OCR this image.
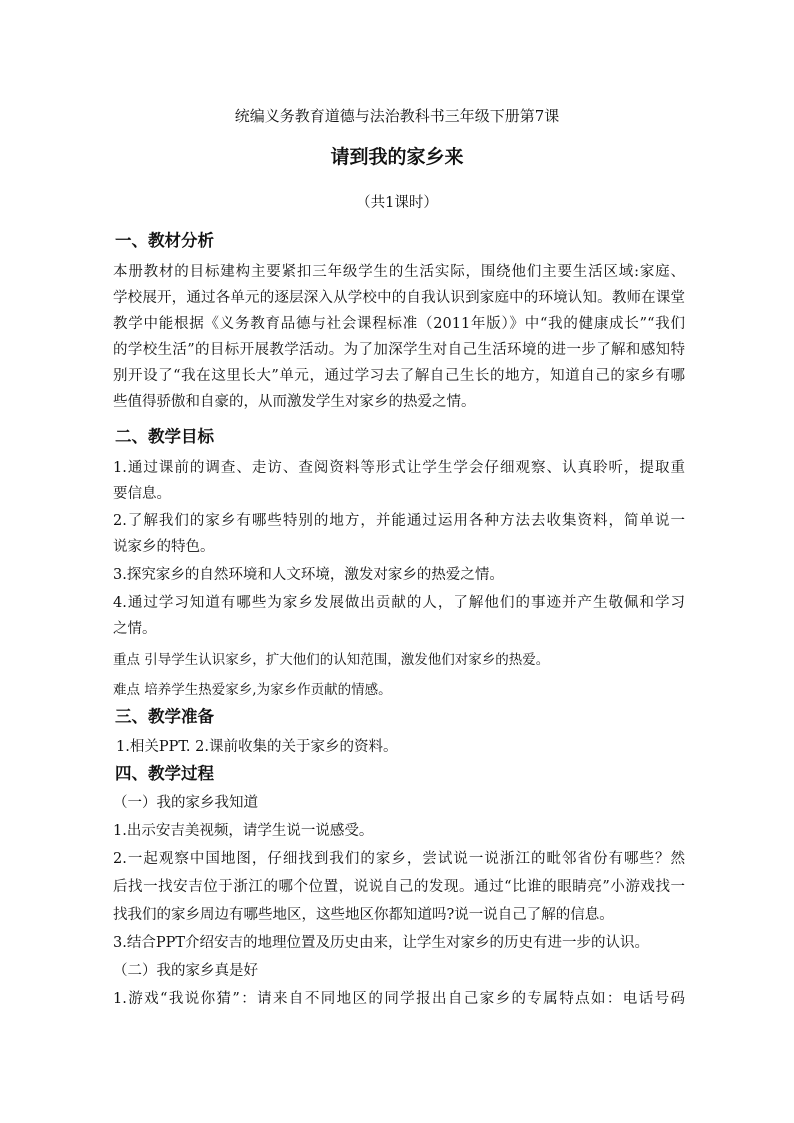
统编义务教育道德与法治教科书三年级下册第7课
请到我的家乡来
（共1课时）
一、教材分析
本册教材的目标建构主要紧扣三年级学生的生活实际，围绕他们主要生活区域:家庭、
学校展开，通过各单元的逐层深入从学校中的自我认识到家庭中的环境认知。教师在课堂
教学中能根据《义务教育品德与社会课程标准（2011年版）》中“我的健康成长”“我们
的学校生活”的目标开展教学活动。为了加深学生对自己生活环境的进一步了解和感知特
别开设了“我在这里长大”单元，通过学习去了解自己生长的地方，知道自己的家乡有哪
些值得骄傲和自豪的，从而激发学生对家乡的热爱之情。
二、教学目标
1.通过课前的调查、走访、查阅资料等形式让学生学会仔细观察、认真聆听，提取重
要信息。
2.了解我们的家乡有哪些特别的地方，并能通过运用各种方法去收集资料，简单说一
说家乡的特色。
3.探究家乡的自然环境和人文环境，激发对家乡的热爱之情。
4.通过学习知道有哪些为家乡发展做出贡献的人，了解他们的事迹并产生敬佩和学习
之情。
重点 引导学生认识家乡，扩大他们的认知范围，激发他们对家乡的热爱。
难点 培养学生热爱家乡,为家乡作贡献的情感。
三、教学准备
1.相关PPT. 2.课前收集的关于家乡的资料。
四、教学过程
（一）我的家乡我知道
1.出示安吉美视频，请学生说一说感受。
2.一起观察中国地图，仔细找到我们的家乡，尝试说一说浙江的毗邻省份有哪些？然
后找一找安吉位于浙江的哪个位置，说说自己的发现。通过“比谁的眼睛亮”小游戏找一
找我们的家乡周边有哪些地区，这些地区你都知道吗?说一说自己了解的信息。
3.结合PPT介绍安吉的地理位置及历史由来，让学生对家乡的历史有进一步的认识。
（二）我的家乡真是好
1.游戏“我说你猜”：请来自不同地区的同学报出自己家乡的专属特点如：电话号码
